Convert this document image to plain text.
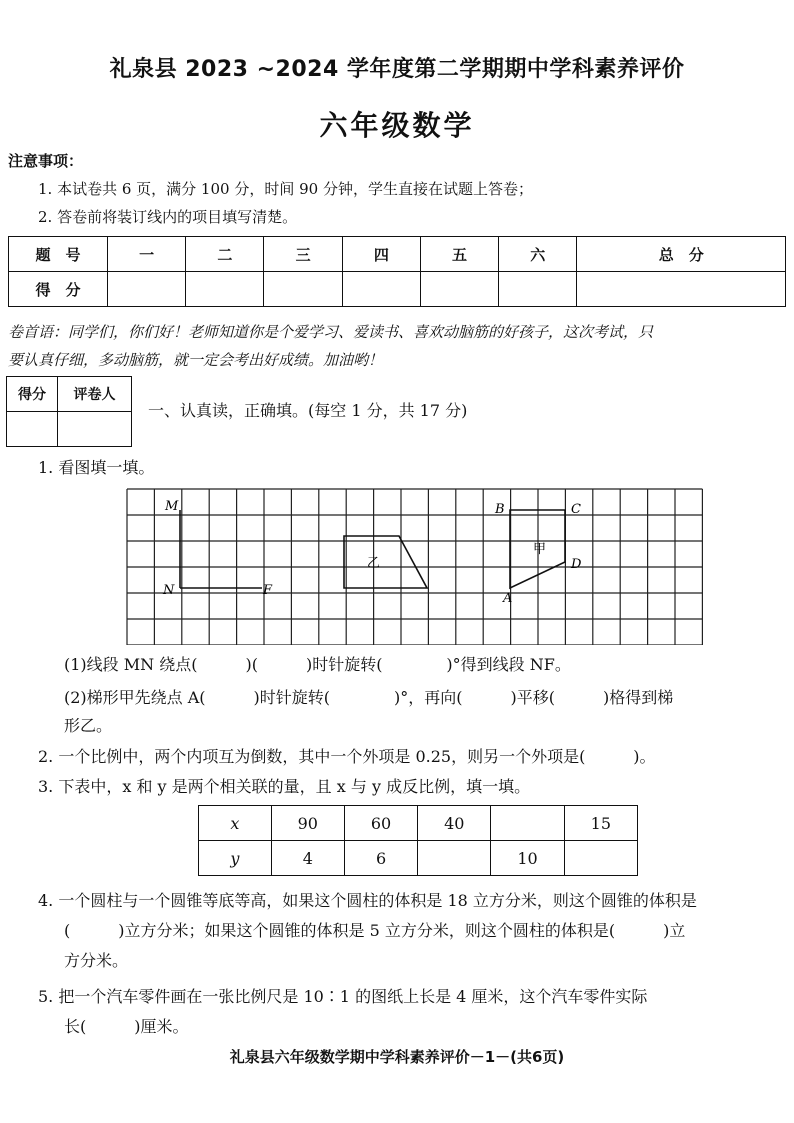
礼泉县 2023 ~2024 学年度第二学期期中学科素养评价
六年级数学
注意事项：
1. 本试卷共 6 页，满分 100 分，时间 90 分钟，学生直接在试题上答卷；
2. 答卷前将装订线内的项目填写清楚。
题　号	一	二	三	四	五	六	总　分
得　分							
卷首语：同学们，你们好！老师知道你是个爱学习、爱读书、喜欢动脑筋的好孩子，这次考试，只
要认真仔细，多动脑筋，就一定会考出好成绩。加油哟！
得分	评卷人

一、认真读，正确填。(每空 1 分，共 17 分)
1. 看图填一填。
M
N	F
乙
甲
B	C
D
A
(1)线段 MN 绕点(　　　)(　　　)时针旋转(　　　　)°得到线段 NF。
(2)梯形甲先绕点 A(　　　)时针旋转(　　　　)°，再向(　　　)平移(　　　)格得到梯
形乙。
2. 一个比例中，两个内项互为倒数，其中一个外项是 0.25，则另一个外项是(　　　)。
3. 下表中，x 和 y 是两个相关联的量，且 x 与 y 成反比例，填一填。
x	90	60	40		15
y	4	6		10	
4. 一个圆柱与一个圆锥等底等高，如果这个圆柱的体积是 18 立方分米，则这个圆锥的体积是
(　　　)立方分米；如果这个圆锥的体积是 5 立方分米，则这个圆柱的体积是(　　　)立
方分米。
5. 把一个汽车零件画在一张比例尺是 10∶1 的图纸上长是 4 厘米，这个汽车零件实际
长(　　　)厘米。
礼泉县六年级数学期中学科素养评价－1－(共6页)
